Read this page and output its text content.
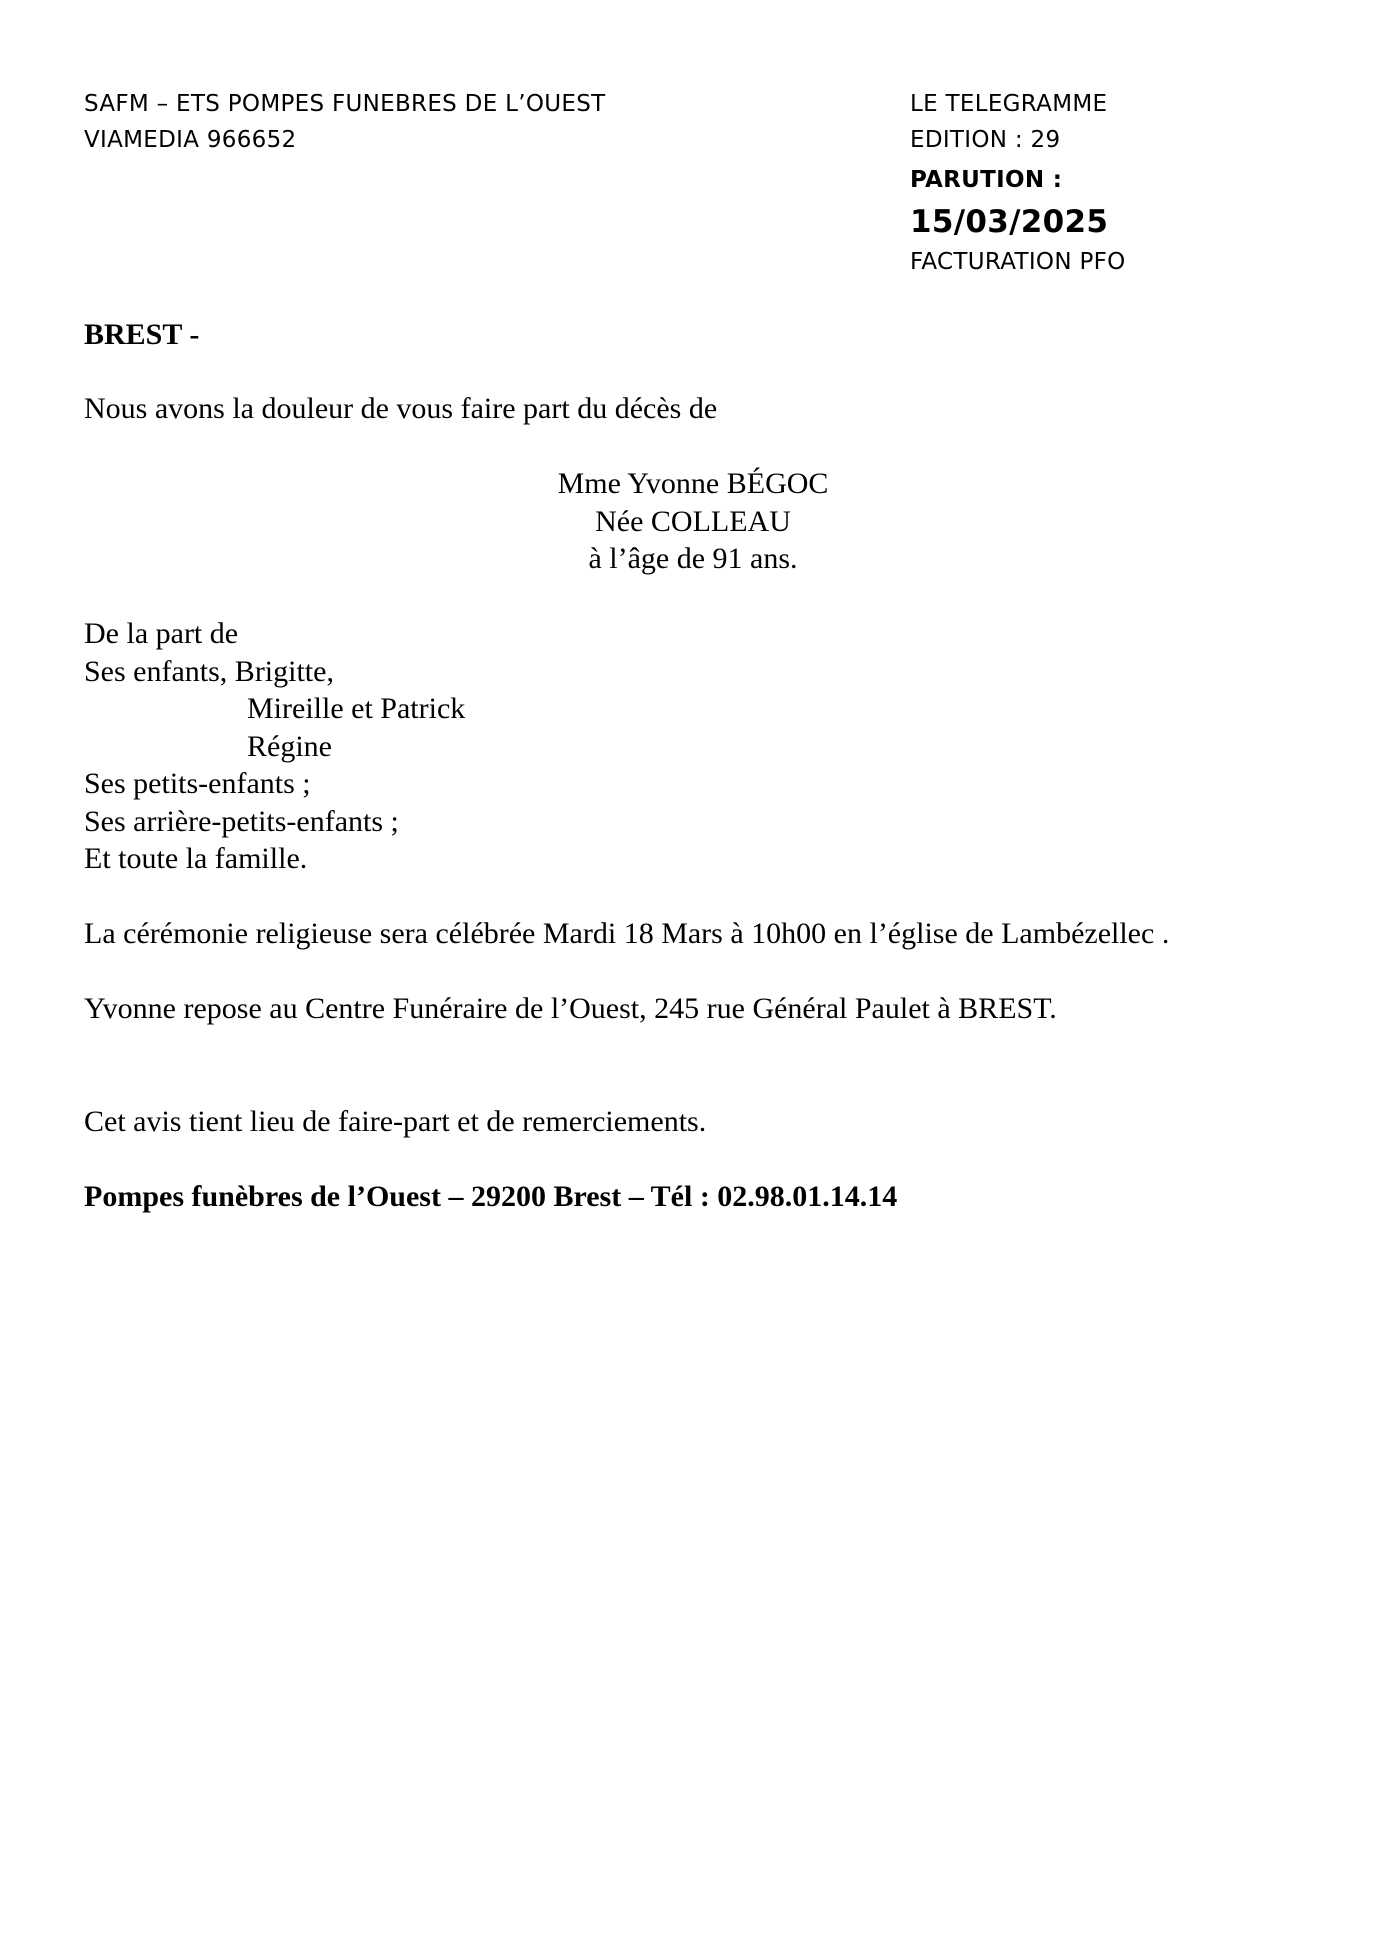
SAFM – ETS POMPES FUNEBRES DE L’OUEST
VIAMEDIA 966652
LE TELEGRAMME
EDITION : 29
PARUTION :
15/03/2025
FACTURATION PFO
BREST -
Nous avons la douleur de vous faire part du décès de
Mme Yvonne BÉGOC
Née COLLEAU
à l’âge de 91 ans.
De la part de
Ses enfants, Brigitte,
Mireille et Patrick
Régine
Ses petits-enfants ;
Ses arrière-petits-enfants ;
Et toute la famille.
La cérémonie religieuse sera célébrée Mardi 18 Mars à 10h00 en l’église de Lambézellec .
Yvonne repose au Centre Funéraire de l’Ouest, 245 rue Général Paulet à BREST.
Cet avis tient lieu de faire-part et de remerciements.
Pompes funèbres de l’Ouest – 29200 Brest – Tél : 02.98.01.14.14
